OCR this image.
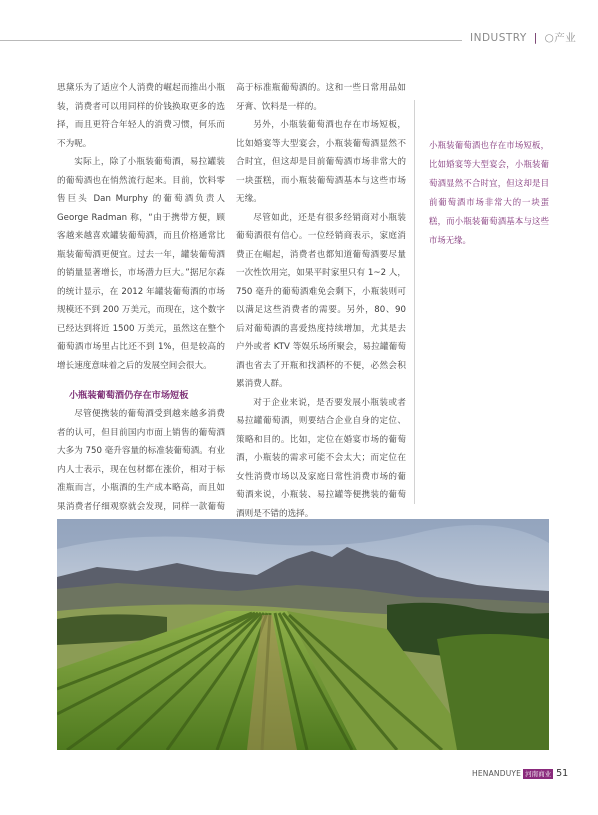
INDUSTRY | ○产业

思黛乐为了适应个人消费的崛起而推出小瓶装，消费者可以用同样的价钱换取更多的选择，而且更符合年轻人的消费习惯，何乐而不为呢。

实际上，除了小瓶装葡萄酒，易拉罐装的葡萄酒也在悄然流行起来。目前，饮料零售巨头 Dan Murphy 的葡萄酒负责人 George Radman 称，“由于携带方便，顾客越来越喜欢罐装葡萄酒，而且价格通常比瓶装葡萄酒更便宜。过去一年，罐装葡萄酒的销量显著增长，市场潜力巨大。”据尼尔森的统计显示，在 2012 年罐装葡萄酒的市场规模还不到 200 万美元，而现在，这个数字已经达到将近 1500 万美元，虽然这在整个葡萄酒市场里占比还不到 1%，但是较高的增长速度意味着之后的发展空间会很大。

小瓶装葡萄酒仍存在市场短板

尽管便携装的葡萄酒受到越来越多消费者的认可，但目前国内市面上销售的葡萄酒大多为 750 毫升容量的标准装葡萄酒。有业内人士表示，现在包材都在涨价，相对于标准瓶而言，小瓶酒的生产成本略高，而且如果消费者仔细观察就会发现，同样一款葡萄

高于标准瓶葡萄酒的。这和一些日常用品如牙膏、饮料是一样的。

另外，小瓶装葡萄酒也存在市场短板，比如婚宴等大型宴会，小瓶装葡萄酒显然不合时宜，但这却是目前葡萄酒市场非常大的一块蛋糕，而小瓶装葡萄酒基本与这些市场无缘。

尽管如此，还是有很多经销商对小瓶装葡萄酒很有信心。一位经销商表示，家庭消费正在崛起，消费者也都知道葡萄酒要尽量一次性饮用完，如果平时家里只有 1~2 人，750 毫升的葡萄酒难免会剩下，小瓶装则可以满足这些消费者的需要。另外，80、90 后对葡萄酒的喜爱热度持续增加，尤其是去户外或者 KTV 等娱乐场所聚会，易拉罐葡萄酒也省去了开瓶和找酒杯的不便，必然会积累消费人群。

对于企业来说，是否要发展小瓶装或者易拉罐葡萄酒，则要结合企业自身的定位、策略和目的。比如，定位在婚宴市场的葡萄酒，小瓶装的需求可能不会太大；而定位在女性消费市场以及家庭日常性消费市场的葡萄酒来说，小瓶装、易拉罐等便携装的葡萄酒则是不错的选择。

小瓶装葡萄酒也存在市场短板，比如婚宴等大型宴会，小瓶装葡萄酒显然不合时宜，但这却是目前葡萄酒市场非常大的一块蛋糕，而小瓶装葡萄酒基本与这些市场无缘。
HENANDUYE 河南商业 51
